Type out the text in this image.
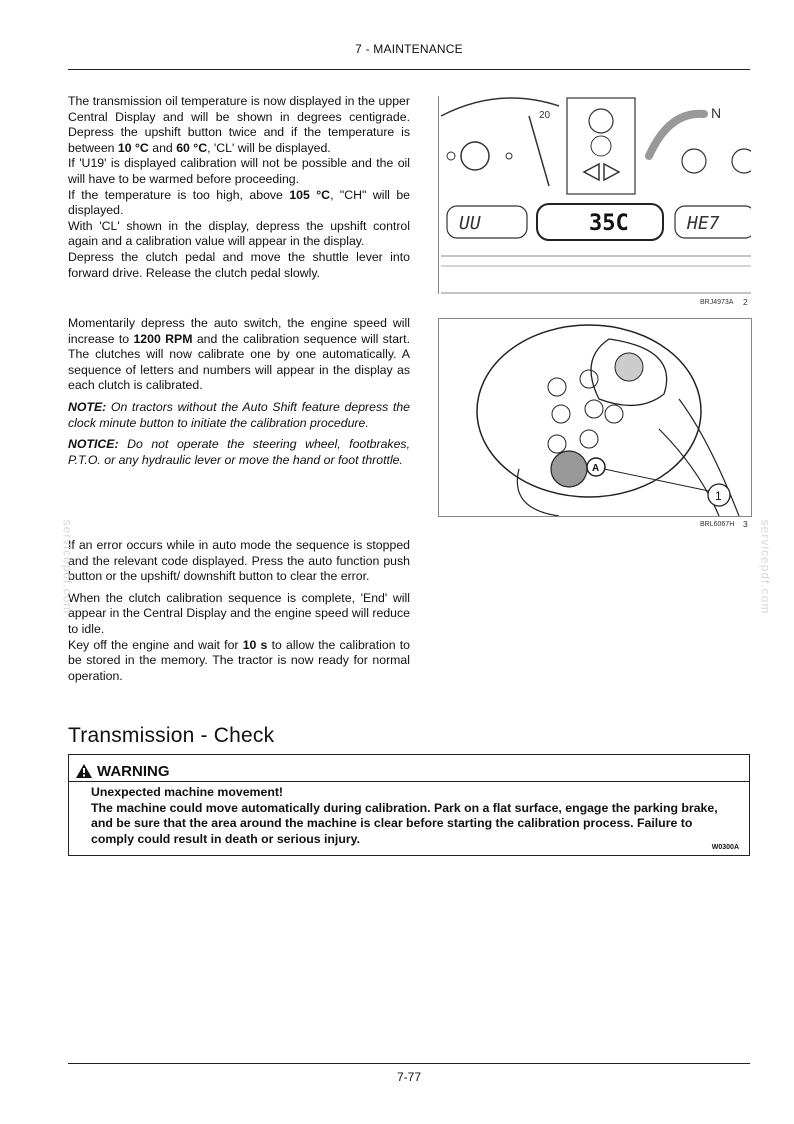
7 - MAINTENANCE

The transmission oil temperature is now displayed in the upper Central Display and will be shown in degrees centigrade. Depress the upshift button twice and if the temperature is between 10 °C and 60 °C, 'CL' will be displayed.

If 'U19' is displayed calibration will not be possible and the oil will have to be warmed before proceeding.

If the temperature is too high, above 105 °C, "CH" will be displayed.

With 'CL' shown in the display, depress the upshift control again and a calibration value will appear in the display.

Depress the clutch pedal and move the shuttle lever into forward drive. Release the clutch pedal slowly.

20	N
UU	35C	HE7
BRJ4973A 2

Momentarily depress the auto switch, the engine speed will increase to 1200 RPM and the calibration sequence will start. The clutches will now calibrate one by one automatically. A sequence of letters and numbers will appear in the display as each clutch is calibrated.

NOTE: On tractors without the Auto Shift feature depress the clock minute button to initiate the calibration procedure.

NOTICE: Do not operate the steering wheel, footbrakes, P.T.O. or any hydraulic lever or move the hand or foot throttle.

A
1
BRL6067H 3

If an error occurs while in auto mode the sequence is stopped and the relevant code displayed. Press the auto function push button or the upshift/ downshift button to clear the error.

When the clutch calibration sequence is complete, 'End' will appear in the Central Display and the engine speed will reduce to idle.

Key off the engine and wait for 10 s to allow the calibration to be stored in the memory. The tractor is now ready for normal operation.

Transmission - Check
WARNING

Unexpected machine movement!

The machine could move automatically during calibration. Park on a flat surface, engage the parking brake, and be sure that the area around the machine is clear before starting the calibration process. Failure to comply could result in death or serious injury.

W0300A
servicepdf.com	servicepdf.com
7-77
